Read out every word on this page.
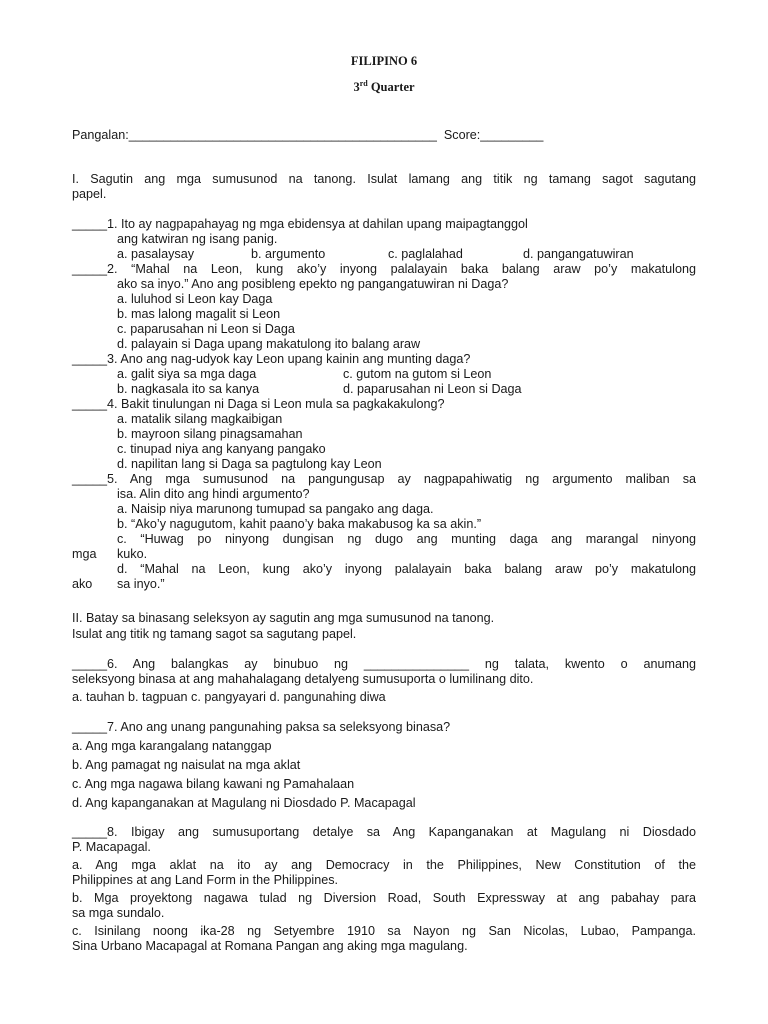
FILIPINO 6
3rd Quarter
Pangalan:____________________________________________  Score:_________
I. Sagutin ang mga sumusunod na tanong. Isulat lamang ang titik ng tamang sagot sagutang
papel.
_____1. Ito ay nagpapahayag ng mga ebidensya at dahilan upang maipagtanggol
ang katwiran ng isang panig.
a. pasalaysay	b. argumento	c. paglalahad	d. pangangatuwiran
_____2. “Mahal na Leon, kung ako’y inyong palalayain baka balang araw po’y makatulong
ako sa inyo.” Ano ang posibleng epekto ng pangangatuwiran ni Daga?
a. luluhod si Leon kay Daga
b. mas lalong magalit si Leon
c. paparusahan ni Leon si Daga
d. palayain si Daga upang makatulong ito balang araw
_____3. Ano ang nag-udyok kay Leon upang kainin ang munting daga?
a. galit siya sa mga daga	c. gutom na gutom si Leon
b. nagkasala ito sa kanya	d. paparusahan ni Leon si Daga
_____4. Bakit tinulungan ni Daga si Leon mula sa pagkakakulong?
a. matalik silang magkaibigan
b. mayroon silang pinagsamahan
c. tinupad niya ang kanyang pangako
d. napilitan lang si Daga sa pagtulong kay Leon
_____5. Ang mga sumusunod na pangungusap ay nagpapahiwatig ng argumento maliban sa
isa. Alin dito ang hindi argumento?
a. Naisip niya marunong tumupad sa pangako ang daga.
b. “Ako’y nagugutom, kahit paano’y baka makabusog ka sa akin.”
c. “Huwag po ninyong dungisan ng dugo ang munting daga ang marangal ninyong
mga	kuko.
d. “Mahal na Leon, kung ako’y inyong palalayain baka balang araw po’y makatulong
ako	sa inyo.”
II. Batay sa binasang seleksyon ay sagutin ang mga sumusunod na tanong.
Isulat ang titik ng tamang sagot sa sagutang papel.
_____6. Ang balangkas ay binubuo ng _______________ ng talata, kwento o anumang
seleksyong binasa at ang mahahalagang detalyeng sumusuporta o lumilinang dito.
a. tauhan b. tagpuan c. pangyayari d. pangunahing diwa
_____7. Ano ang unang pangunahing paksa sa seleksyong binasa?
a. Ang mga karangalang natanggap
b. Ang pamagat ng naisulat na mga aklat
c. Ang mga nagawa bilang kawani ng Pamahalaan
d. Ang kapanganakan at Magulang ni Diosdado P. Macapagal
_____8. Ibigay ang sumusuportang detalye sa Ang Kapanganakan at Magulang ni Diosdado
P. Macapagal.
a. Ang mga aklat na ito ay ang Democracy in the Philippines, New Constitution of the
Philippines at ang Land Form in the Philippines.
b. Mga proyektong nagawa tulad ng Diversion Road, South Expressway at ang pabahay para
sa mga sundalo.
c. Isinilang noong ika-28 ng Setyembre 1910 sa Nayon ng San Nicolas, Lubao, Pampanga.
Sina Urbano Macapagal at Romana Pangan ang aking mga magulang.
